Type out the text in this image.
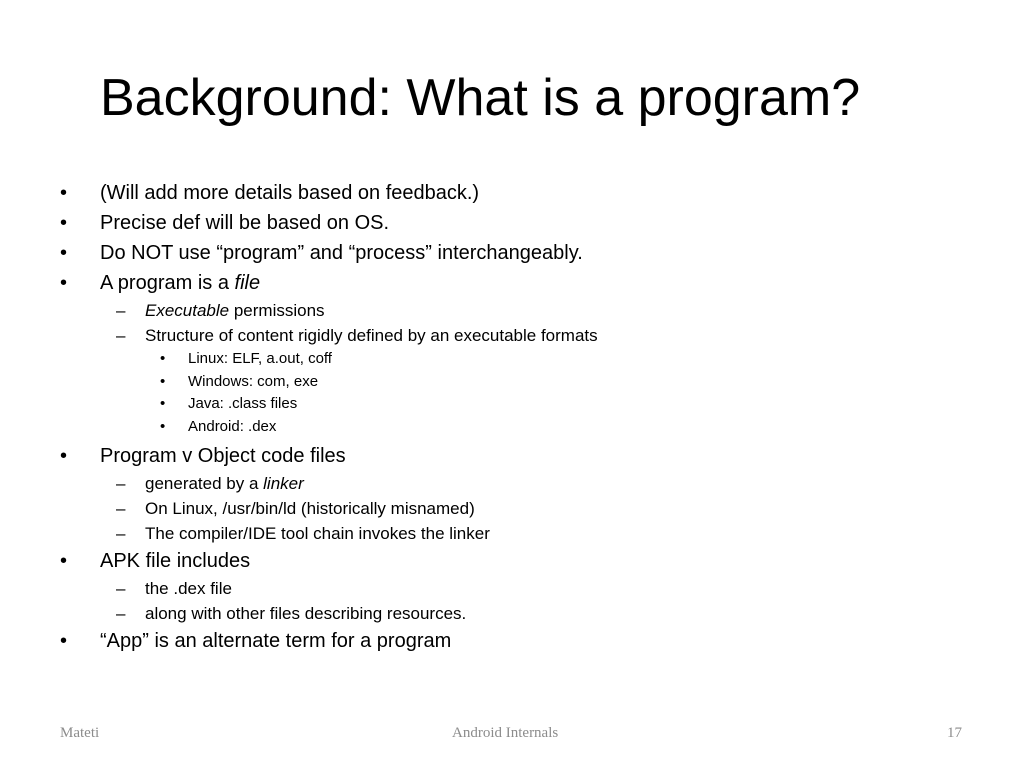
Background: What is a program?
• (Will add more details based on feedback.)
• Precise def will be based on OS.
• Do NOT use “program” and “process” interchangeably.
• A program is a file
– Executable permissions
– Structure of content rigidly defined by an executable formats
• Linux: ELF, a.out, coff
• Windows: com, exe
• Java: .class files
• Android: .dex
• Program v Object code files
– generated by a linker
– On Linux, /usr/bin/ld (historically misnamed)
– The compiler/IDE tool chain invokes the linker
• APK file includes
– the .dex file
– along with other files describing resources.
• “App” is an alternate term for a program
Mateti	Android Internals	17
